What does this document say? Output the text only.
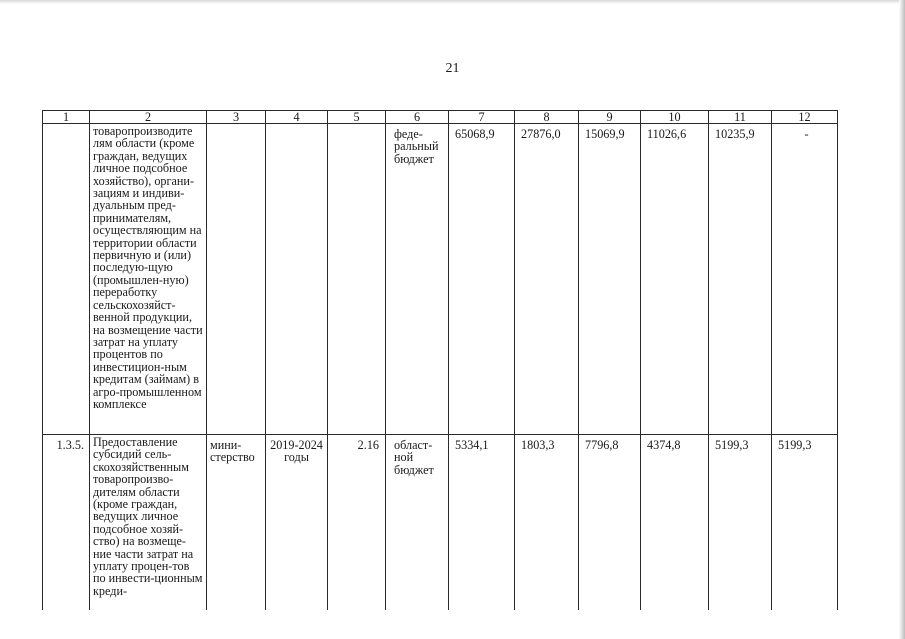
21
1	2	3	4	5	6	7	8	9	10	11	12
	товаропроизводите лям области (кроме граждан, ведущих личное подсобное хозяйство), органи-зациям и индиви-дуальным пред-принимателям, осуществляющим на территории области первичную и (или) последую-щую (промышлен-ную) переработку сельскохозяйст-венной продукции, на возмещение части затрат на уплату процентов по инвестицион-ным кредитам (займам) в агро-промышленном комплексе				феде-ральный бюджет	65068,9	27876,0	15069,9	11026,6	10235,9	-
1.3.5.	Предоставление субсидий сель-скохозяйственным товаропроизво-дителям области (кроме граждан, ведущих личное подсобное хозяй-ство) на возмеще-ние части затрат на уплату процен-тов по инвести-ционным креди-	мини-стерство	2019-2024 годы	2.16	област-ной бюджет	5334,1	1803,3	7796,8	4374,8	5199,3	5199,3
